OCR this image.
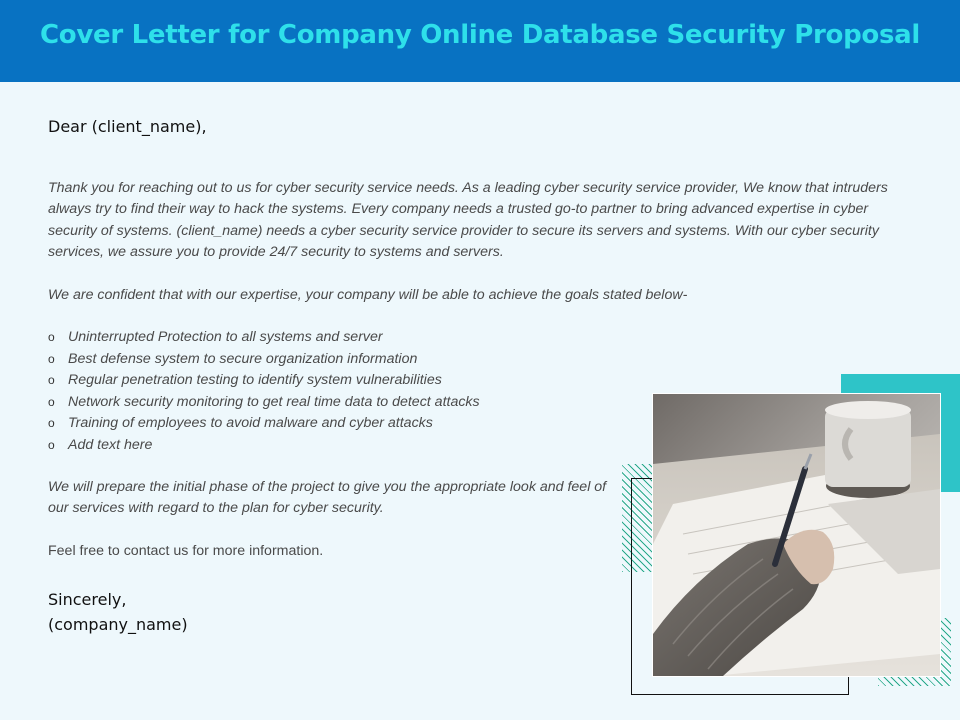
Cover Letter for Company Online Database Security Proposal
Dear (client_name),

Thank you for reaching out to us for cyber security service needs. As a leading cyber security service provider, We know that intruders always try to find their way to hack the systems. Every company needs a trusted go-to partner to bring advanced expertise in cyber security of systems. (client_name) needs a cyber security service provider to secure its servers and systems. With our cyber security services, we assure you to provide 24/7 security to systems and servers.

We are confident that with our expertise, your company will be able to achieve the goals stated below-

o Uninterrupted Protection to all systems and server
o Best defense system to secure organization information
o Regular penetration testing to identify system vulnerabilities
o Network security monitoring to get real time data to detect attacks
o Training of employees to avoid malware and cyber attacks
o Add text here

We will prepare the initial phase of the project to give you the appropriate look and feel of our services with regard to the plan for cyber security.

Feel free to contact us for more information.

Sincerely,
(company_name)
